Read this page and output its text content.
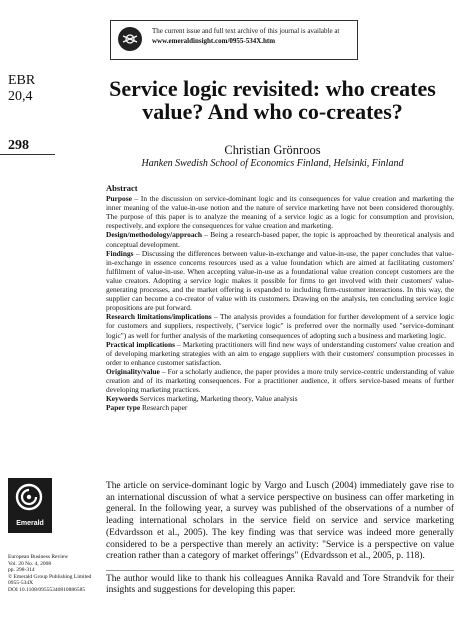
The current issue and full text archive of this journal is available at
www.emeraldinsight.com/0955-534X.htm
EBR
20,4
298
Service logic revisited: who creates value? And who co-creates?
Christian Grönroos
Hanken Swedish School of Economics Finland, Helsinki, Finland

Abstract

Purpose – In the discussion on service-dominant logic and its consequences for value creation and marketing the inner meaning of the value-in-use notion and the nature of service marketing have not been considered thoroughly. The purpose of this paper is to analyze the meaning of a service logic as a logic for consumption and provision, respectively, and explore the consequences for value creation and marketing.

Design/methodology/approach – Being a research-based paper, the topic is approached by theoretical analysis and conceptual development.

Findings – Discussing the differences between value-in-exchange and value-in-use, the paper concludes that value-in-exchange in essence concerns resources used as a value foundation which are aimed at facilitating customers' fulfilment of value-in-use. When accepting value-in-use as a foundational value creation concept customers are the value creators. Adopting a service logic makes it possible for firms to get involved with their customers' value-generating processes, and the market offering is expanded to including firm-customer interactions. In this way, the supplier can become a co-creator of value with its customers. Drawing on the analysis, ten concluding service logic propositions are put forward.

Research limitations/implications – The analysis provides a foundation for further development of a service logic for customers and suppliers, respectively, ("service logic" is preferred over the normally used "service-dominant logic") as well for further analysis of the marketing consequences of adopting such a business and marketing logic.

Practical implications – Marketing practitioners will find new ways of understanding customers' value creation and of developing marketing strategies with an aim to engage suppliers with their customers' consumption processes in order to enhance customer satisfaction.

Originality/value – For a scholarly audience, the paper provides a more truly service-centric understanding of value creation and of its marketing consequences. For a practitioner audience, it offers service-based means of further developing marketing practices.

Keywords Services marketing, Marketing theory, Value analysis

Paper type Research paper

The article on service-dominant logic by Vargo and Lusch (2004) immediately gave rise to an international discussion of what a service perspective on business can offer marketing in general. In the following year, a survey was published of the observations of a number of leading international scholars in the service field on service and service marketing (Edvardsson et al., 2005). The key finding was that service was indeed more generally considered to be a perspective than merely an activity: "Service is a perspective on value creation rather than a category of market offerings" (Edvardsson et al., 2005, p. 118).

The author would like to thank his colleagues Annika Ravald and Tore Strandvik for their insights and suggestions for developing this paper.
Emerald
European Business Review
Vol. 20 No. 4, 2008
pp. 298-314
© Emerald Group Publishing Limited
0955-534X
DOI 10.1108/09555340810886585
